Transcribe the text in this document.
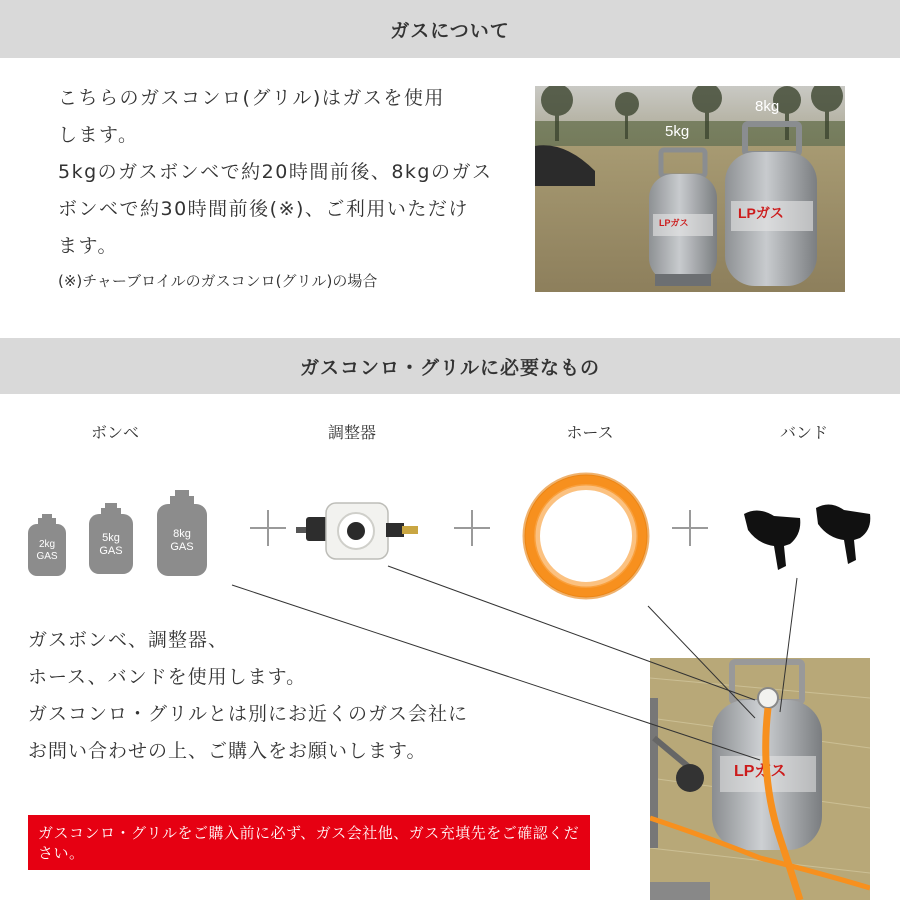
ガスについて

こちらのガスコンロ(グリル)はガスを使用

します。

5kgのガスボンベで約20時間前後、8kgのガス

ボンベで約30時間前後(※)、ご利用いただけ

ます。

(※)チャーブロイルのガスコンロ(グリル)の場合
LPガス
LPガス
5kg
8kg
ガスコンロ・グリルに必要なもの
ボンベ	調整器	ホース	バンド
2kg
GAS
5kg
GAS
8kg
GAS

ガスボンベ、調整器、

ホース、バンドを使用します。

ガスコンロ・グリルとは別にお近くのガス会社に

お問い合わせの上、ご購入をお願いします。

ガスコンロ・グリルをご購入前に必ず、ガス会社他、ガス充填先をご確認ください。
LPガス
